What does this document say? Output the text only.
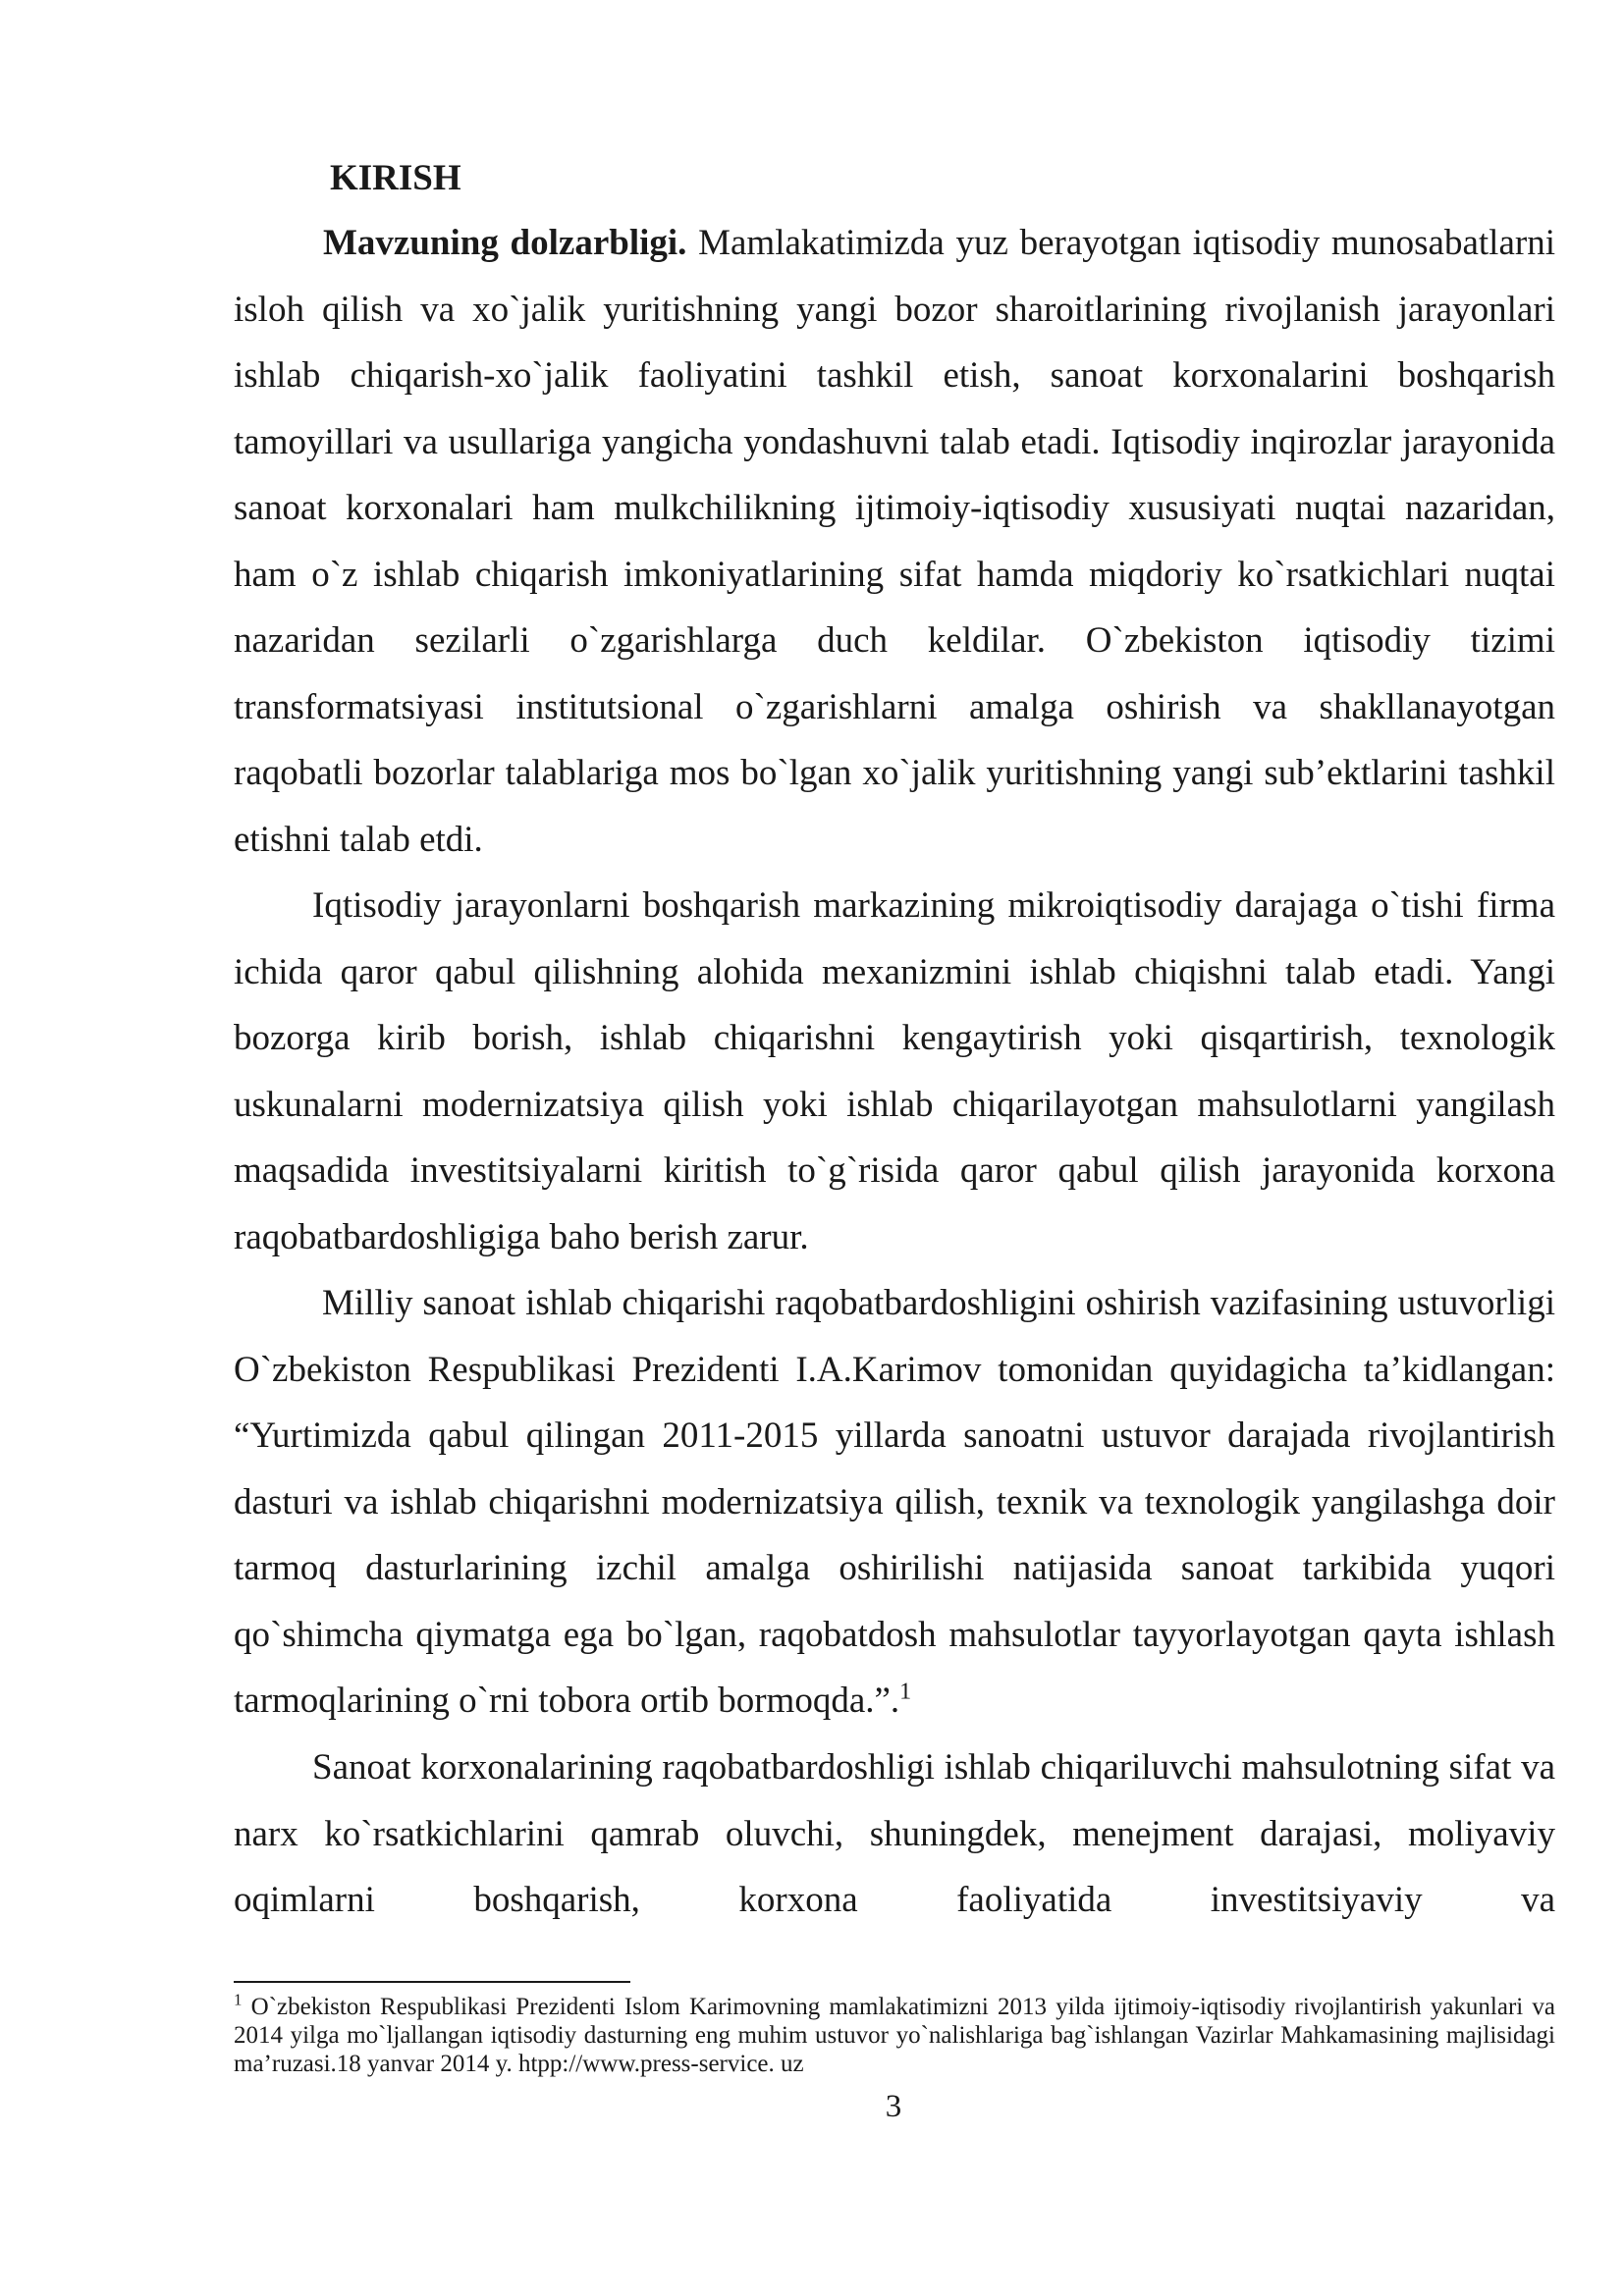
KIRISH

Mavzuning dolzarbligi. Mamlakatimizda yuz berayotgan iqtisodiy munosabatlarni isloh qilish va xo`jalik yuritishning yangi bozor sharoitlarining rivojlanish jarayonlari ishlab chiqarish-xo`jalik faoliyatini tashkil etish, sanoat korxonalarini boshqarish tamoyillari va usullariga yangicha yondashuvni talab etadi. Iqtisodiy inqirozlar jarayonida sanoat korxonalari ham mulkchilikning ijtimoiy-iqtisodiy xususiyati nuqtai nazaridan, ham o`z ishlab chiqarish imkoniyatlarining sifat hamda miqdoriy ko`rsatkichlari nuqtai nazaridan sezilarli o`zgarishlarga duch keldilar. O`zbekiston iqtisodiy tizimi transformatsiyasi institutsional o`zgarishlarni amalga oshirish va shakllanayotgan raqobatli bozorlar talablariga mos bo`lgan xo`jalik yuritishning yangi sub’ektlarini tashkil etishni talab etdi.

Iqtisodiy jarayonlarni boshqarish markazining mikroiqtisodiy darajaga o`tishi firma ichida qaror qabul qilishning alohida mexanizmini ishlab chiqishni talab etadi. Yangi bozorga kirib borish, ishlab chiqarishni kengaytirish yoki qisqartirish, texnologik uskunalarni modernizatsiya qilish yoki ishlab chiqarilayotgan mahsulotlarni yangilash maqsadida investitsiyalarni kiritish to`g`risida qaror qabul qilish jarayonida korxona raqobatbardoshligiga baho berish zarur.

Milliy sanoat ishlab chiqarishi raqobatbardoshligini oshirish vazifasining ustuvorligi O`zbekiston Respublikasi Prezidenti I.A.Karimov tomonidan quyidagicha ta’kidlangan: “Yurtimizda qabul qilingan 2011-2015 yillarda sanoatni ustuvor darajada rivojlantirish dasturi va ishlab chiqarishni modernizatsiya qilish, texnik va texnologik yangilashga doir tarmoq dasturlarining izchil amalga oshirilishi natijasida sanoat tarkibida yuqori qo`shimcha qiymatga ega bo`lgan, raqobatdosh mahsulotlar tayyorlayotgan qayta ishlash tarmoqlarining o`rni tobora ortib bormoqda.”.$^1$

Sanoat korxonalarining raqobatbardoshligi ishlab chiqariluvchi mahsulotning sifat va narx ko`rsatkichlarini qamrab oluvchi, shuningdek, menejment darajasi, moliyaviy oqimlarni boshqarish, korxona faoliyatida investitsiyaviy va

$^1$ O`zbekiston Respublikasi Prezidenti Islom Karimovning mamlakatimizni 2013 yilda ijtimoiy-iqtisodiy rivojlantirish yakunlari va 2014 yilga mo`ljallangan iqtisodiy dasturning eng muhim ustuvor yo`nalishlariga bag`ishlangan Vazirlar Mahkamasining majlisidagi ma’ruzasi.18 yanvar 2014 y. htpp://www.press-service. uz

3
